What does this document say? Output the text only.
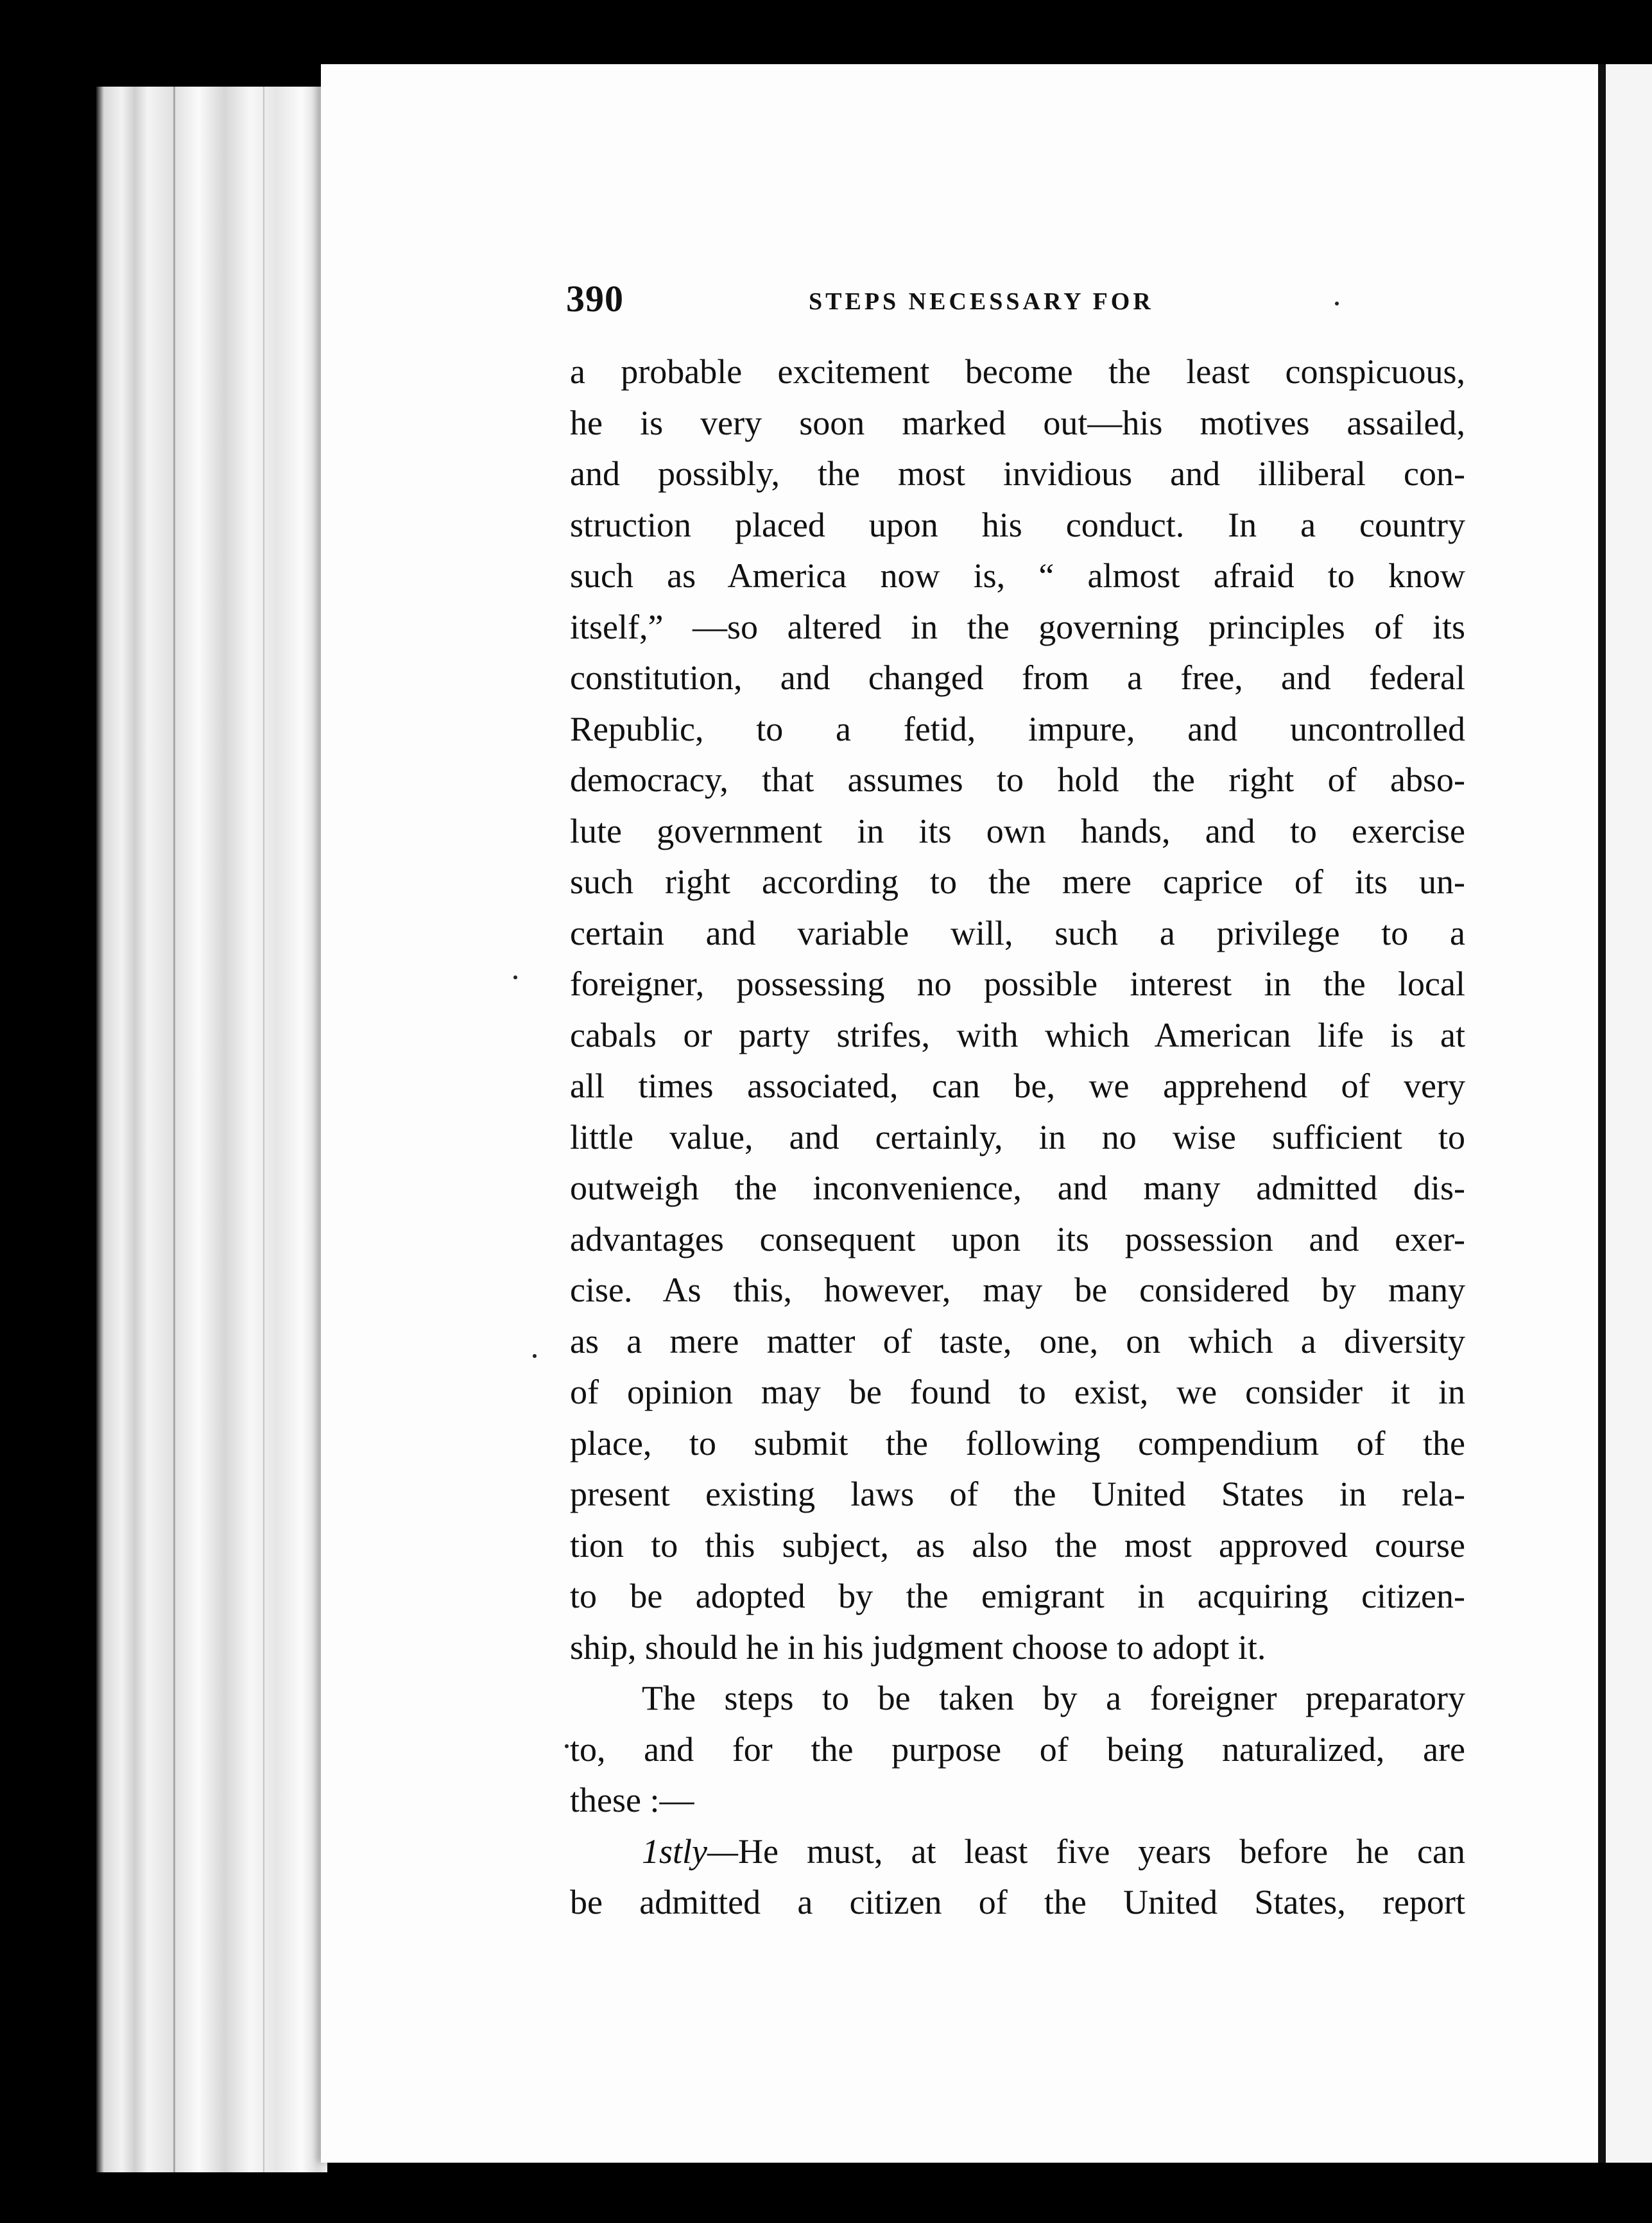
390	STEPS NECESSARY FOR
a probable excitement become the least conspicuous,
he is very soon marked out—his motives assailed,
and possibly, the most invidious and illiberal con-
struction placed upon his conduct. In a country
such as America now is, “ almost afraid to know
itself,” —so altered in the governing principles of its
constitution, and changed from a free, and federal
Republic, to a fetid, impure, and uncontrolled
democracy, that assumes to hold the right of abso-
lute government in its own hands, and to exercise
such right according to the mere caprice of its un-
certain and variable will, such a privilege to a
foreigner, possessing no possible interest in the local
cabals or party strifes, with which American life is at
all times associated, can be, we apprehend of very
little value, and certainly, in no wise sufficient to
outweigh the inconvenience, and many admitted dis-
advantages consequent upon its possession and exer-
cise. As this, however, may be considered by many
as a mere matter of taste, one, on which a diversity
of opinion may be found to exist, we consider it in
place, to submit the following compendium of the
present existing laws of the United States in rela-
tion to this subject, as also the most approved course
to be adopted by the emigrant in acquiring citizen-
ship, should he in his judgment choose to adopt it.
The steps to be taken by a foreigner preparatory
to, and for the purpose of being naturalized, are
these :—
1stly—He must, at least five years before he can
be admitted a citizen of the United States, report
